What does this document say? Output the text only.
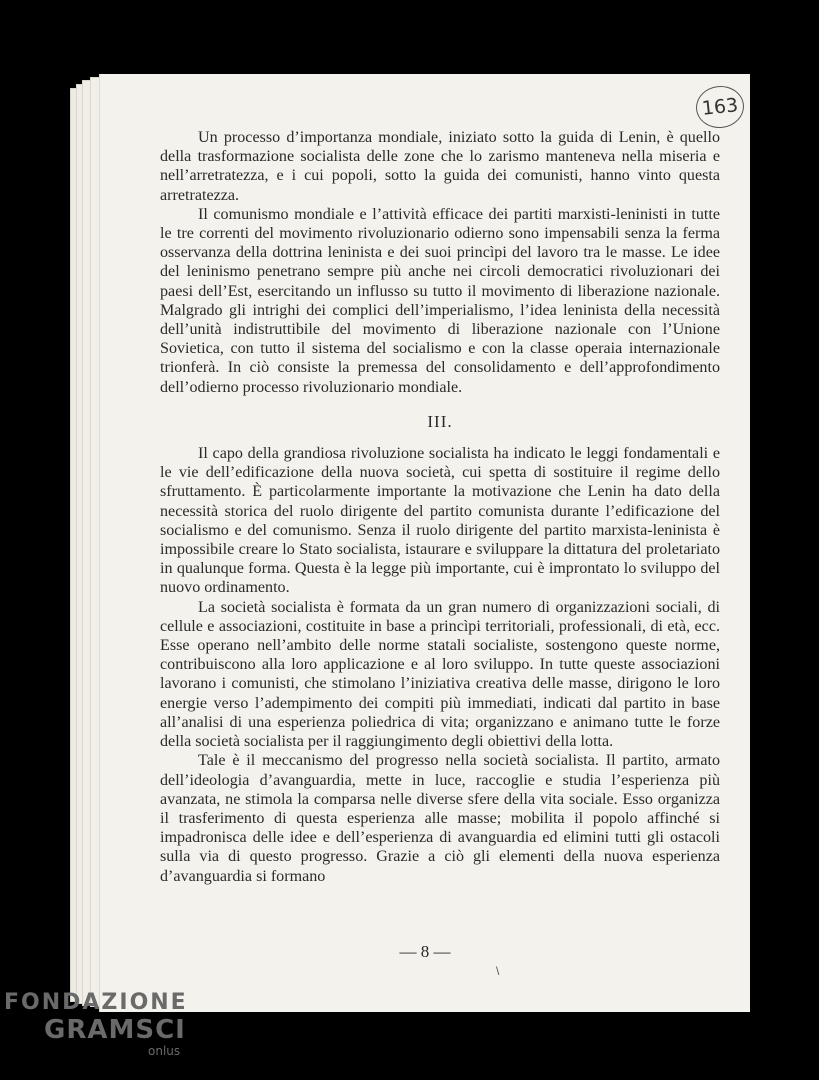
163

Un processo d’importanza mondiale, iniziato sotto la guida di Lenin, è quello della trasformazione socialista delle zone che lo zarismo manteneva nella miseria e nell’arretratezza, e i cui popoli, sotto la guida dei comunisti, hanno vinto questa arretratezza.

Il comunismo mondiale e l’attività efficace dei partiti marxisti-leninisti in tutte le tre correnti del movimento rivoluzionario odierno sono impensabili senza la ferma osservanza della dottrina leninista e dei suoi princìpi del lavoro tra le masse. Le idee del leninismo penetrano sempre più anche nei circoli democratici rivoluzionari dei paesi dell’Est, esercitando un influsso su tutto il movimento di liberazione nazionale. Malgrado gli intrighi dei complici dell’imperialismo, l’idea leninista della necessità dell’unità indistruttibile del movimento di liberazione nazionale con l’Unione Sovietica, con tutto il sistema del socialismo e con la classe operaia internazionale trionferà. In ciò consiste la premessa del consolidamento e dell’approfondimento dell’odierno processo rivoluzionario mondiale.

III.

Il capo della grandiosa rivoluzione socialista ha indicato le leggi fondamentali e le vie dell’edificazione della nuova società, cui spetta di sostituire il regime dello sfruttamento. È particolarmente importante la motivazione che Lenin ha dato della necessità storica del ruolo dirigente del partito comunista durante l’edificazione del socialismo e del comunismo. Senza il ruolo dirigente del partito marxista-leninista è impossibile creare lo Stato socialista, istaurare e sviluppare la dittatura del proletariato in qualunque forma. Questa è la legge più importante, cui è improntato lo sviluppo del nuovo ordinamento.

La società socialista è formata da un gran numero di organizzazioni sociali, di cellule e associazioni, costituite in base a princìpi territoriali, professionali, di età, ecc. Esse operano nell’ambito delle norme statali socialiste, sostengono queste norme, contribuiscono alla loro applicazione e al loro sviluppo. In tutte queste associazioni lavorano i comunisti, che stimolano l’iniziativa creativa delle masse, dirigono le loro energie verso l’adempimento dei compiti più immediati, indicati dal partito in base all’analisi di una esperienza poliedrica di vita; organizzano e animano tutte le forze della società socialista per il raggiungimento degli obiettivi della lotta.

Tale è il meccanismo del progresso nella società socialista. Il partito, armato dell’ideologia d’avanguardia, mette in luce, raccoglie e studia l’esperienza più avanzata, ne stimola la comparsa nelle diverse sfere della vita sociale. Esso organizza il trasferimento di questa esperienza alle masse; mobilita il popolo affinché si impadronisca delle idee e dell’esperienza di avanguardia ed elimini tutti gli ostacoli sulla via di questo progresso. Grazie a ciò gli elementi della nuova esperienza d’avanguardia si formano

— 8 —
\
FONDAZIONE
GRAMSCI
onlus
